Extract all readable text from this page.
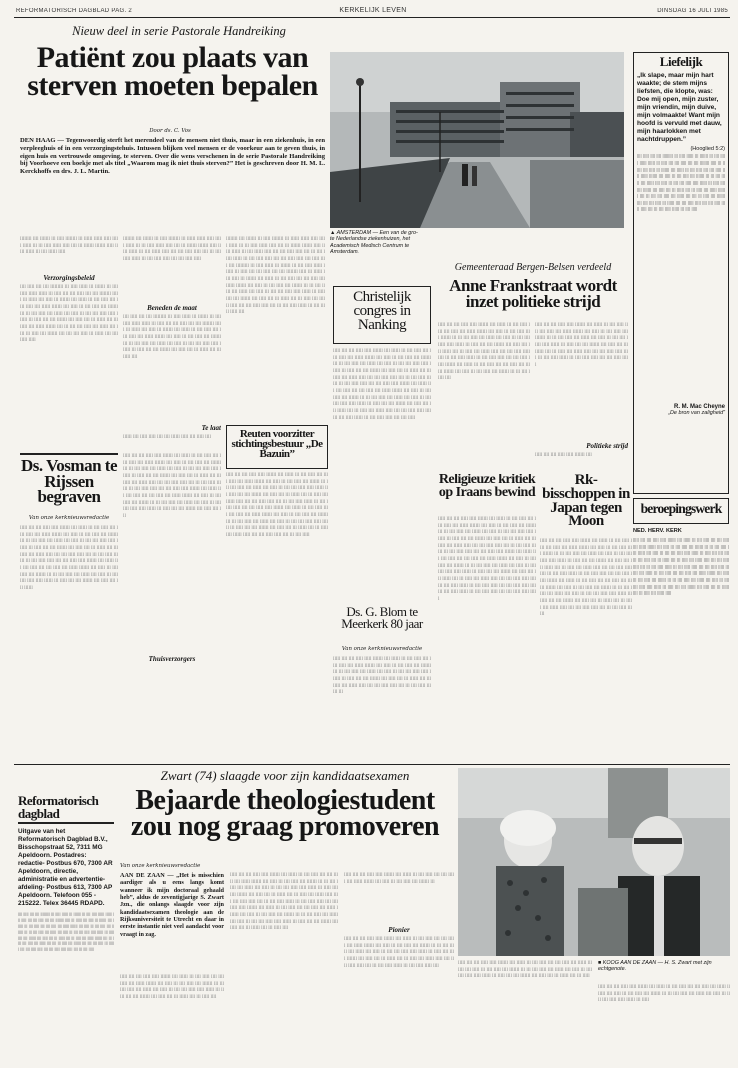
REFORMATORISCH DAGBLAD PAG. 2	KERKELIJK LEVEN	DINSDAG 16 JULI 1985
Nieuw deel in serie Pastorale Handreiking
Patiënt zou plaats van sterven moeten bepalen
Door ds. C. Vos
DEN HAAG — Tegenwoordig sterft het merendeel van de mensen niet thuis, maar in een ziekenhuis, in een verpleeghuis of in een verzorgingstehuis. Intussen blijken veel mensen er de voorkeur aan te geven thuis, in eigen huis en vertrouwde omgeving, te sterven. Over die wens verschenen in de serie Pastorale Handreiking bij Voorhoeve een boekje met als titel „Waarom mag ik niet thuis sterven?” Het is geschreven door H. M. L. Kerckhoffs en drs. J. L. Martin.
llllllll llll lllllll lll lllll llllllll lll llllll llllll lllll lllll llllll lll lll lllll llllll lllll llll lll lllllll lllllll lllll lllll llllll lll llll llllll lllll
Verzorgingsbeleid
llll lllll llll llll lllllllll lll lllll llllll lll lllllll lll llll lllll llllll llllll lll lllll llll llll lllll llll llll llllllll lllll lll llllll llll lllll lll lllllll llll llllll lll llll lllll llll llll lllll llll llllll lllllll llll lllll lll llll lllll llll lllllll lll lll llll lllll llll llllll llll lllll lll llll llll lllll lllll llllll lll lllll llll llll lllllll llll lllll llll lll llllll llll lll lllll llll llllll lllllll llll lll llll llll lllll llll llllll llll llll lll lllll llll lllllll llll llll llll lllll lll llllll llll llll lllll lllll
llllllll llll lllllll lll lllll llllllll lll llllll llllll lllll lllll llllll lll lll lllll llllll lllll llll lll lllllll lllllll lllll lllll llllll lll llll llllll lllll llll llll lllll lllll llll lll llll lllll llllll lll llll lllll lllll llll llll lllll lllll
Beneden de maat
llll lllll llll llll lllllllll lll lllll llllll lll lllllll lll llll lllll llllll llllll lll lllll llll llll lllll llll llll llllllll lllll lll llllll llll lllll lll lllllll llll llllll lll llll lllll llll llll lllll llll llllll lllllll llll lllll lll llll lllll llll lllllll lll lll llll lllll llll llllll llll lllll lll llll llll lllll lllll llllll lll lllll llll llll lllllll llll lllll llll lll llllll llll lll lllll llll
llllllll llll lllllll lll lllll llllllll lll llllll llllll lllll lllll llllll lll lll lllll llllll lllll llll lll lllllll lllllll lllll lllll llllll lll llll llllll lllll llll llll lllll lllll llll lll llll lllll llllll lll llll lllll lllll llll llll lllll lllll llll lllll llll llll lllllllll lll lllll llllll lll lllllll lll llll lllll llllll llllll lll lllll llll llll lllll llll llll llllllll lllll lll llllll llll lllll lll lllllll llll llllll lll llll lllll llll llll lllll llll llllll lllllll llll lllll lll llll lllll llll lllllll lll lll llll lllll llll llllll llll lllll lll llll llll lllll lllll llllll lll lllll llll llll lllllll llll lllll llll lll llllll llll lll lllll llll llllll lllll llll llll lllll lllll llll lll llll lllll llllll lll llll lllll lllll llll
▲ AMSTERDAM — Een van de gro- te Nederlandse ziekenhuizen, het Academisch Medisch Centrum te Amsterdam.
Christelijk congres in Nanking
lllll llll llll lllll lllll lllllll llll llllll lll llll lllll llll llll lllll llll llllll lllllll llll lllll lll llll lllll llll lllllll lll lll llll lllll llll llllll llll lllll lll llll llll lllll lllll llllll lll lllll llll llll lllllll llll lllll llll lll llllll llll lll lllll llll llllll lllll llll llll lllll lllll llll lll llll lllll llllll lll llll lllll lllll llll llll lllll lllll lllllll llll llllll lll llll lllll llll llll lllll llll llllll lllllll llll lllll lll llll lllll llll lllllll lll lll llll lllll llll llllll llll lllll lll llll llll lllll lllll llllll lll lllll llll llll lllllll llll lllll llll lll llllll llll lll lllll llll llllll lllll llll llll lllll lllll llll lll llll lllll llllll lll llll lllll lllll llll llll lllll
Ds. G. Blom te Meerkerk 80 jaar
Van onze kerknieuwsredactie
lllll llll llll lllll lllll lllllll llll llllll lll llll lllll llll llll lllll llll llllll lllllll llll lllll lll llll lllll llll lllllll lll lll llll lllll llll llllll llll lllll lll llll llll lllll lllll llllll lll lllll llll llll lllllll llll lllll llll lll llllll llll lll lllll llll llllll lllll llll llll lllll lllll llll lll llll lllll llllll lll
Gemeenteraad Bergen-Belsen verdeeld
Anne Frankstraat wordt inzet politieke strijd
lllll llll llll lllll lllll lllllll llll llllll lll llll lllll llll llll lllll llll llllll lllllll llll lllll lll llll lllll llll lllllll lll lll llll lllll llll llllll llll lllll lll llll llll lllll lllll llllll lll lllll llll llll lllllll llll lllll llll lll llllll llll lll lllll llll llllll lllll llll llll lllll lllll llll lll llll lllll llllll lll llll lllll lllll llll llll lllll lllll lllllll llll llllll lll llll lllll llll llll lllll llll llllll lllllll llll lllll lll llll lllll llll lllllll lll lll llll lllll llll
lllll llll llll lllll lllll lllllll llll llllll lll llll lllll llll llll lllll llll llllll lllllll llll lllll lll llll lllll llll lllllll lll lll llll lllll llll llllll llll lllll lll llll llll lllll lllll llllll lll lllll llll llll lllllll llll lllll llll lll llllll llll lll lllll llll llllll lllll llll llll lllll lllll llll lll llll lllll llllll lll llll lllll lllll llll llll lllll lllll
Politieke strijd
lllll llll llll lllll lllll lllllll llll
Religieuze kritiek op Iraans bewind
lllll llll llll lllll lllll lllllll llll llllll lll llll lllll llll llll lllll llll llllll lllllll llll lllll lll llll lllll llll lllllll lll lll llll lllll llll llllll llll lllll lll llll llll lllll lllll llllll lll lllll llll llll lllllll llll lllll llll lll llllll llll lll lllll llll llllll lllll llll llll lllll lllll llll lll llll lllll llllll lll llll lllll lllll llll llll lllll lllll lllllll llll llllll lll llll lllll llll llll lllll llll llllll lllllll llll lllll lll llll lllll llll lllllll lll lll llll lllll llll llllll llll lllll lll llll llll lllll lllll llllll lll lllll llll llll lllllll llll lllll llll lll llllll llll lll lllll llll llllll lllll llll llll lllll lllll llll lll llll lllll llllll lll llll lllll lllll llll llll lllll lllll llll lll llll lllll llllll lll llll lllll lllll llll llll lllll lllll lllll
Rk-bisschoppen in Japan tegen Moon
lllll llll llll lllll lllll lllllll llll llllll lll llll lllll llll llll lllll llll llllll lllllll llll lllll lll llll lllll llll lllllll lll lll llll lllll llll llllll llll lllll lll llll llll lllll lllll llllll lll lllll llll llll lllllll llll lllll llll lll llllll llll lll lllll llll llllll lllll llll llll lllll lllll llll lll llll lllll llllll lll llll lllll lllll llll llll lllll lllll lllllll llll llllll lll llll lllll llll llll lllll llll llllll lllllll llll lllll lll llll lllll llll lllllll lll lll llll lllll llll llllll llll lllll lll llll llll lllll lllll llllll lll lllll llll llll lllllll llll lllll llll lll llllll llll lll lllll llll llllll lllll llll llll lllll lllll llll lll llll lllll llllll
Ds. Vosman te Rijssen begraven
Van onze kerknieuwsredactie
lllll llll llll lllll lllll lllllll llll llllll lll llll lllll llll llll lllll llll llllll lllllll llll lllll lll llll lllll llll lllllll lll lll llll lllll llll llllll llll lllll lll llll llll lllll lllll llllll lll lllll llll llll lllllll llll lllll llll lll llllll llll lll lllll llll llllll lllll llll llll lllll lllll llll lll llll lllll llllll lll llll lllll lllll llll llll lllll lllll lllllll llll llllll lll llll lllll llll llll lllll llll llllll lllllll llll lllll lll llll lllll llll lllllll lll lll llll lllll llll llllll llll lllll lll llll llll lllll lllll llllll lll lllll llll llll lllllll llll lllll llll lll llllll
lllll llll llll lllll lllll lllllll llll llllll lll llll lllll llll llll lllll llll llllll lllllll llll lllll lll llll lllll llll lllllll lll lll llll lllll llll llllll llll lllll lll llll llll lllll lllll llllll lll lllll llll llll lllllll llll lllll llll lll llllll llll lll lllll llll llllll lllll llll llll lllll lllll llll lll llll lllll llllll lll llll lllll lllll llll llll lllll lllll lllllll llll llllll lll llll lllll llll llll lllll llll llllll lllllll llll lllll lll llll lllll llll lllllll lll lll llll lllll llll llllll llll lllll lll llll llll lllll lllll llllll lll lllll llll llll lllllll llll lllll llll lll
Thuisverzorgers
Te laat
llllll llll lllll lllll llll llll llllll lllll llll lllll llll	Reuten voorzitter stichtingsbestuur „De Bazuin”
lllll llll llll lllll lllll lllllll llll llllll lll llll lllll llll llll lllll llll llllll lllllll llll lllll lll llll lllll llll lllllll lll lll llll lllll llll llllll llll lllll lll llll llll lllll lllll llllll lll lllll llll llll lllllll llll lllll llll lll llllll llll lll lllll llll llllll lllll llll llll lllll lllll llll lll llll lllll llllll lll llll lllll lllll llll llll lllll lllll lllllll llll llllll lll llll lllll llll llll lllll llll llllll lllllll llll lllll lll llll lllll llll lllllll lll lll llll lllll llll llllll llll lllll lll llll llll lllll lllll llllll lll lllll llll llll lllllll llll lllll llll lll llllll llll lll lllll llll llllll lllll llll llll lllll lllll llll lll llll lllll
Liefelijk
„Ik slape, maar mijn hart waakte; de stem mijns liefsten, die klopte, was: Doe mij open, mijn zuster, mijn vriendin, mijn duive, mijn volmaakte! Want mijn hoofd is vervuld met dauw, mijn haarlokken met nachtdruppen.”
(Hooglied 5:2)
llll lllll llll llll lllllllll lll lllll llllll lll lllllll lll llll lllll llllll llllll lll lllll llll llll lllll llll llll llllllll lllll lll llllll llll lllll lll lllllll llll llllll lll llll lllll llll llll lllll llll llllll lllllll llll lllll lll llll lllll llll lllllll lll lll llll lllll llll llllll llll lllll lll llll llll lllll lllll llllll lll lllll llll llll lllllll llll lllll llll lll llllll llll lll lllll llll llllll lllllll llll lll llll llll lllll llll llllll llll llll lll lllll llll lllllll llll llll llll lllll lll llllll llll llll lllll lllll llll llll lllll lllll lllll llll lll llll lllll llllll lll llll lllll
R. M. Mac Cheyne
„De bron van zaligheid”
beroepingswerk
NED. HERV. KERK
lllll llll llll lllll lllll lllllll llll llllll lll llll lllll llll llll lllll llll llllll lllllll llll lllll lll llll lllll llll lllllll lll lll llll lllll llll llllll llll lllll lll llll llll lllll lllll llllll lll lllll llll llll lllllll llll lllll llll lll llllll llll lll lllll llll llllll lllll llll llll lllll lllll llll lll llll lllll llllll lll llll lllll lllll llll llll lllll lllll lllllll llll llllll lll llll lllll llll llll lllll llll llllll lllllll llll lllll lll llll lllll llll lllllll lll lll llll lllll llll llllll llll lllll lll llll llll lllll lllll llllll lll lllll llll llll lllllll llll lllll llll lll llllll llll lll lllll llll llllll lllll
Zwart (74) slaagde voor zijn kandidaatsexamen
Bejaarde theologiestudent zou nog graag promoveren
Van onze kerknieuwsredactie
AAN DE ZAAN — „Het is misschien aardiger als u eens langs komt wanneer ik mijn doctoraal gehaald heb”, aldus de zeventigjarige S. Zwart Jzn., die onlangs slaagde voor zijn kandidaatsexamen theologie aan de Rijksuniversiteit te Utrecht en daar in eerste instantie niet veel aandacht voor vraagt in zag.
lllll llll llll lllll lllll lllllll llll llllll lll llll lllll llll llll lllll llll llllll lllllll llll lllll lll llll lllll llll lllllll lll lll llll lllll llll llllll llll lllll lll llll llll lllll lllll llllll lll lllll llll llll lllllll llll lllll llll lll llllll llll lll lllll llll
lllll llll llll lllll lllll lllllll llll llllll lll llll lllll llll llll lllll llll llllll lllllll llll lllll lll llll lllll llll lllllll lll lll llll lllll llll llllll llll lllll lll llll llll lllll lllll llllll lll lllll llll llll lllllll llll lllll llll lll llllll llll lll lllll llll llllll lllll llll llll lllll lllll llll lll llll lllll llllll lll llll lllll lllll llll llll lllll lllll lllllll llll llllll lll llll lllll llll llll lllll llll llllll lllllll llll lllll lll llll lllll llll lllllll lll lll llll lllll llll llllll llll lllll lll llll llll lllll lllll llllll lll lllll llll llll lllllll llll lllll llll lll llllll llll lll lllll llll
lllll llll llll lllll lllll lllllll llll llllll lll llll lllll llll llll lllll llll llllll lllllll llll lllll lll llll lllll llll lllllll lll
Pionier
lllll llll llll lllll lllll lllllll llll llllll lll llll lllll llll llll lllll llll llllll lllllll llll lllll lll llll lllll llll lllllll lll lll llll lllll llll llllll llll lllll lll llll llll lllll lllll llllll lll lllll llll llll lllllll llll lllll llll lll llllll llll lll lllll llll llllll lllll llll llll lllll lllll llll lll llll lllll llllll lll llll lllll lllll llll	lllll llll llll lllll lllll lllllll llll llllll lll llll lllll llll llll lllll llll llllll lllllll llll lllll lll llll lllll llll lllllll lll lll llll lllll llll llllll llll lllll lll llll llll lllll lllll llllll lll lllll llll llll lllllll llll lllll llll lll llllll llll lll lllll
■ KOOG AAN DE ZAAN — H. S. Zwart met zijn echtgenote.
lllll llll llll lllll lllll lllllll llll llllll lll llll lllll llll llll lllll llll llllll lllllll llll lllll lll llll lllll llll lllllll lll lll llll lllll llll llllll llll lllll lll llll llll lllll lllll llllll lll lllll
Reformatorisch dagblad
Uitgave van het Reformatorisch Dagblad B.V., Bisschopstraat 52, 7311 MG Apeldoorn. Postadres: redactie- Postbus 670, 7300 AR Apeldoorn, directie, administratie en advertentie-afdeling- Postbus 613, 7300 AP Apeldoorn. Telefoon 055 - 215222. Telex 36445 RDAPD.
llll lllll llll llll lllllllll lll lllll llllll lll lllllll lll llll lllll llllll llllll lll lllll llll llll lllll llll llll llllllll lllll lll llllll llll lllll lll lllllll llll llllll lll llll lllll llll llll lllll llll llllll lllllll llll lllll lll llll lllll llll lllllll lll lll llll lllll llll llllll llll lllll lll llll llll lllll lllll llllll lll lllll llll llll lllllll llll lllll llll lll llllll llll lll lllll llll llllll lllllll llll lll llll llll lllll llll llllll llll llll lll lllll llll lllllll llll llll llll lllll lll llllll llll llll lllll lllll llll llll lllll lllll lllll llll lll llll lllll
